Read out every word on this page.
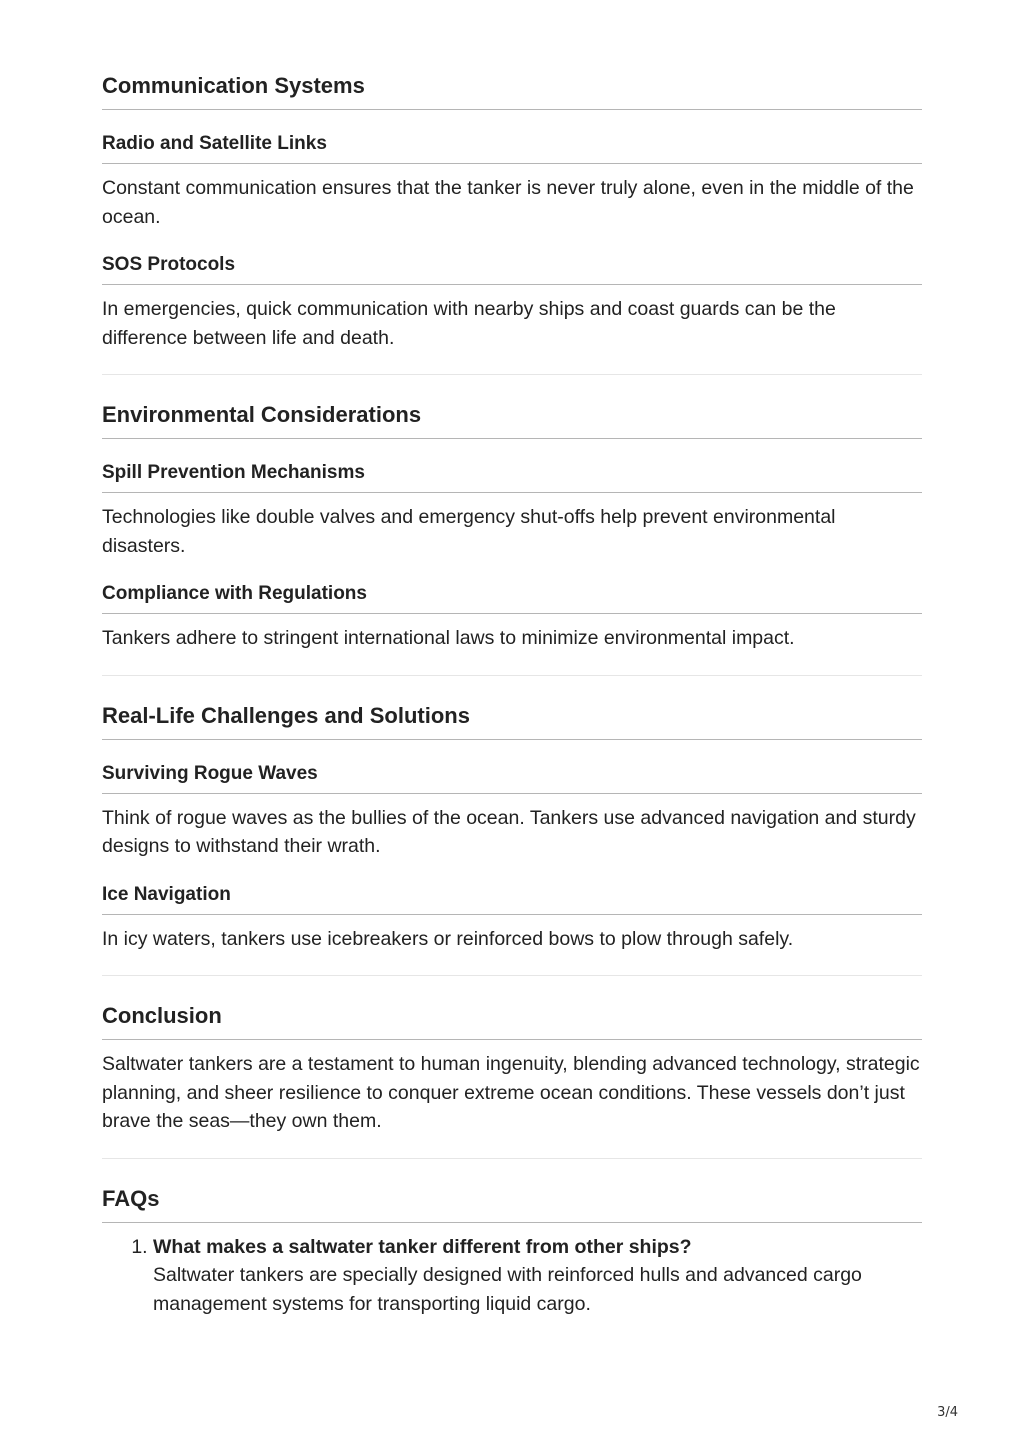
Communication Systems
Radio and Satellite Links

Constant communication ensures that the tanker is never truly alone, even in the middle of the ocean.

SOS Protocols

In emergencies, quick communication with nearby ships and coast guards can be the difference between life and death.

Environmental Considerations
Spill Prevention Mechanisms

Technologies like double valves and emergency shut-offs help prevent environmental disasters.

Compliance with Regulations

Tankers adhere to stringent international laws to minimize environmental impact.

Real-Life Challenges and Solutions
Surviving Rogue Waves

Think of rogue waves as the bullies of the ocean. Tankers use advanced navigation and sturdy designs to withstand their wrath.

Ice Navigation

In icy waters, tankers use icebreakers or reinforced bows to plow through safely.

Conclusion

Saltwater tankers are a testament to human ingenuity, blending advanced technology, strategic planning, and sheer resilience to conquer extreme ocean conditions. These vessels don’t just brave the seas—they own them.

FAQs
1. What makes a saltwater tanker different from other ships?
Saltwater tankers are specially designed with reinforced hulls and advanced cargo management systems for transporting liquid cargo.
3/4
